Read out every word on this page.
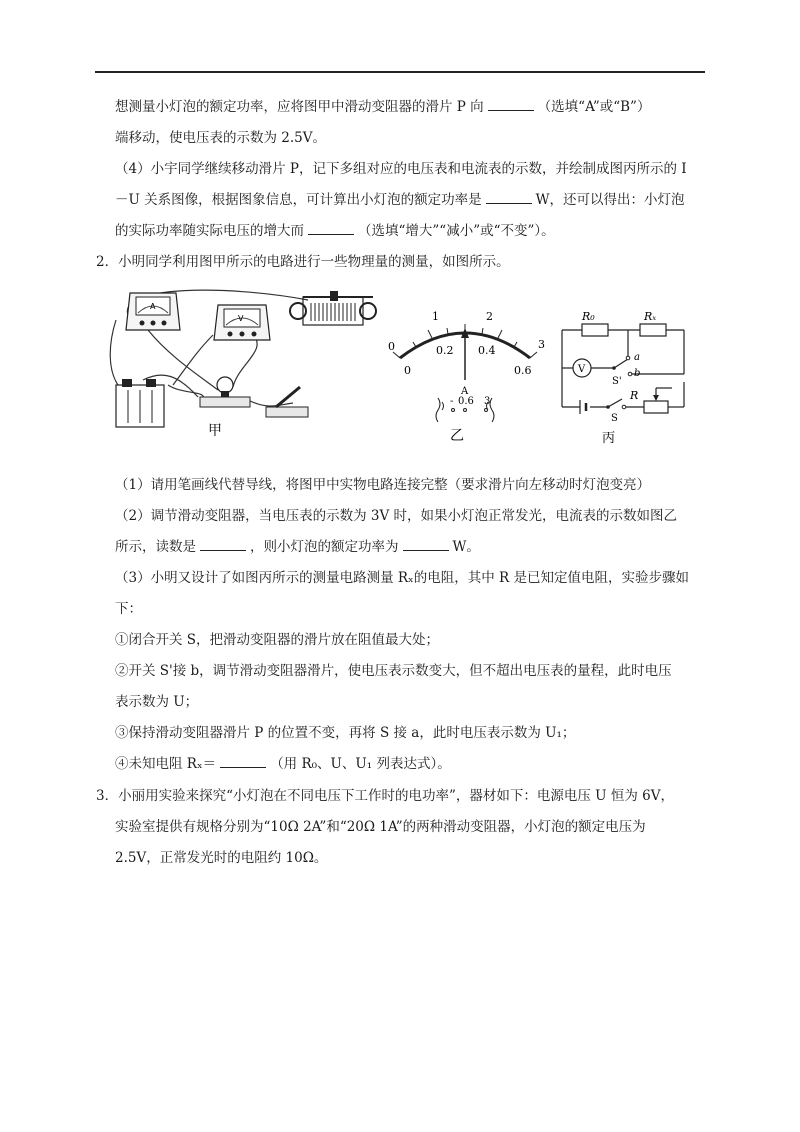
想测量小灯泡的额定功率，应将图甲中滑动变阻器的滑片 P 向	（选填“A”或“B”）
端移动，使电压表的示数为 2.5V。
（4）小宇同学继续移动滑片 P，记下多组对应的电压表和电流表的示数，并绘制成图丙所示的 I
－U 关系图像，根据图象信息，可计算出小灯泡的额定功率是	W，还可以得出：小灯泡
的实际功率随实际电压的增大而	（选填“增大”“减小”或“不变”）。
2．小明同学利用图甲所示的电路进行一些物理量的测量，如图所示。
A
V
甲
0
1	2
3
0
0.2 0.4
0.6
A
- 0.6 3
乙
V
R₀	Rₓ
R
S'
a
b
S
丙
（1）请用笔画线代替导线，将图甲中实物电路连接完整（要求滑片向左移动时灯泡变亮）
（2）调节滑动变阻器，当电压表的示数为 3V 时，如果小灯泡正常发光，电流表的示数如图乙
所示，读数是	，则小灯泡的额定功率为	W。
（3）小明又设计了如图丙所示的测量电路测量 Rₓ的电阻，其中 R 是已知定值电阻，实验步骤如
下：
①闭合开关 S，把滑动变阻器的滑片放在阻值最大处；
②开关 S'接 b，调节滑动变阻器滑片，使电压表示数变大，但不超出电压表的量程，此时电压
表示数为 U；
③保持滑动变阻器滑片 P 的位置不变，再将 S 接 a，此时电压表示数为 U₁；
④未知电阻 Rₓ＝	（用 R₀、U、U₁ 列表达式）。
3．小丽用实验来探究“小灯泡在不同电压下工作时的电功率”，器材如下：电源电压 U 恒为 6V，
实验室提供有规格分别为“10Ω 2A”和“20Ω 1A”的两种滑动变阻器，小灯泡的额定电压为
2.5V，正常发光时的电阻约 10Ω。
